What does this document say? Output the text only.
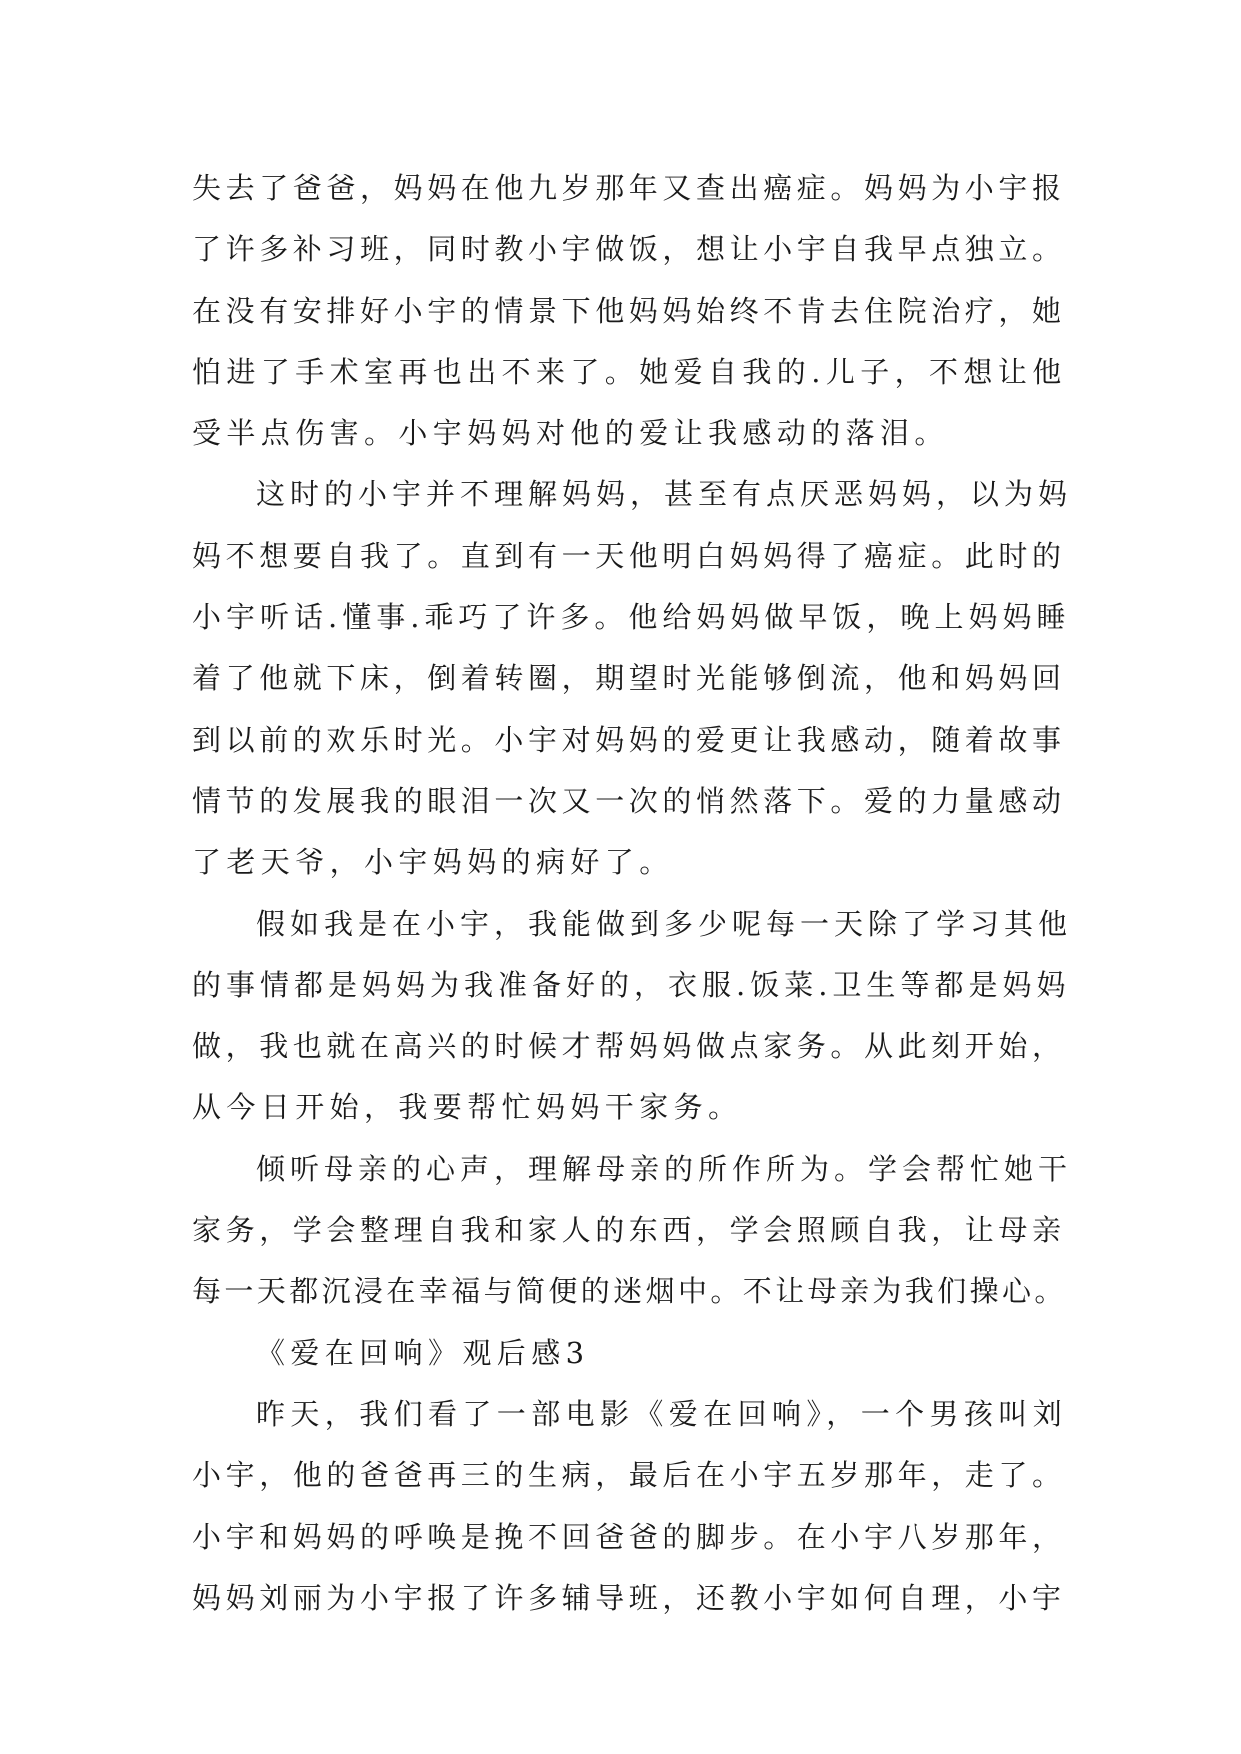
失去了爸爸，妈妈在他九岁那年又查出癌症。妈妈为小宇报
了许多补习班，同时教小宇做饭，想让小宇自我早点独立。
在没有安排好小宇的情景下他妈妈始终不肯去住院治疗，她
怕进了手术室再也出不来了。她爱自我的.儿子，不想让他
受半点伤害。小宇妈妈对他的爱让我感动的落泪。
这时的小宇并不理解妈妈，甚至有点厌恶妈妈，以为妈
妈不想要自我了。直到有一天他明白妈妈得了癌症。此时的
小宇听话.懂事.乖巧了许多。他给妈妈做早饭，晚上妈妈睡
着了他就下床，倒着转圈，期望时光能够倒流，他和妈妈回
到以前的欢乐时光。小宇对妈妈的爱更让我感动，随着故事
情节的发展我的眼泪一次又一次的悄然落下。爱的力量感动
了老天爷，小宇妈妈的病好了。
假如我是在小宇，我能做到多少呢每一天除了学习其他
的事情都是妈妈为我准备好的，衣服.饭菜.卫生等都是妈妈
做，我也就在高兴的时候才帮妈妈做点家务。从此刻开始，
从今日开始，我要帮忙妈妈干家务。
倾听母亲的心声，理解母亲的所作所为。学会帮忙她干
家务，学会整理自我和家人的东西，学会照顾自我，让母亲
每一天都沉浸在幸福与简便的迷烟中。不让母亲为我们操心。
《爱在回响》观后感3
昨天，我们看了一部电影《爱在回响》，一个男孩叫刘
小宇，他的爸爸再三的生病，最后在小宇五岁那年，走了。
小宇和妈妈的呼唤是挽不回爸爸的脚步。在小宇八岁那年，
妈妈刘丽为小宇报了许多辅导班，还教小宇如何自理，小宇
